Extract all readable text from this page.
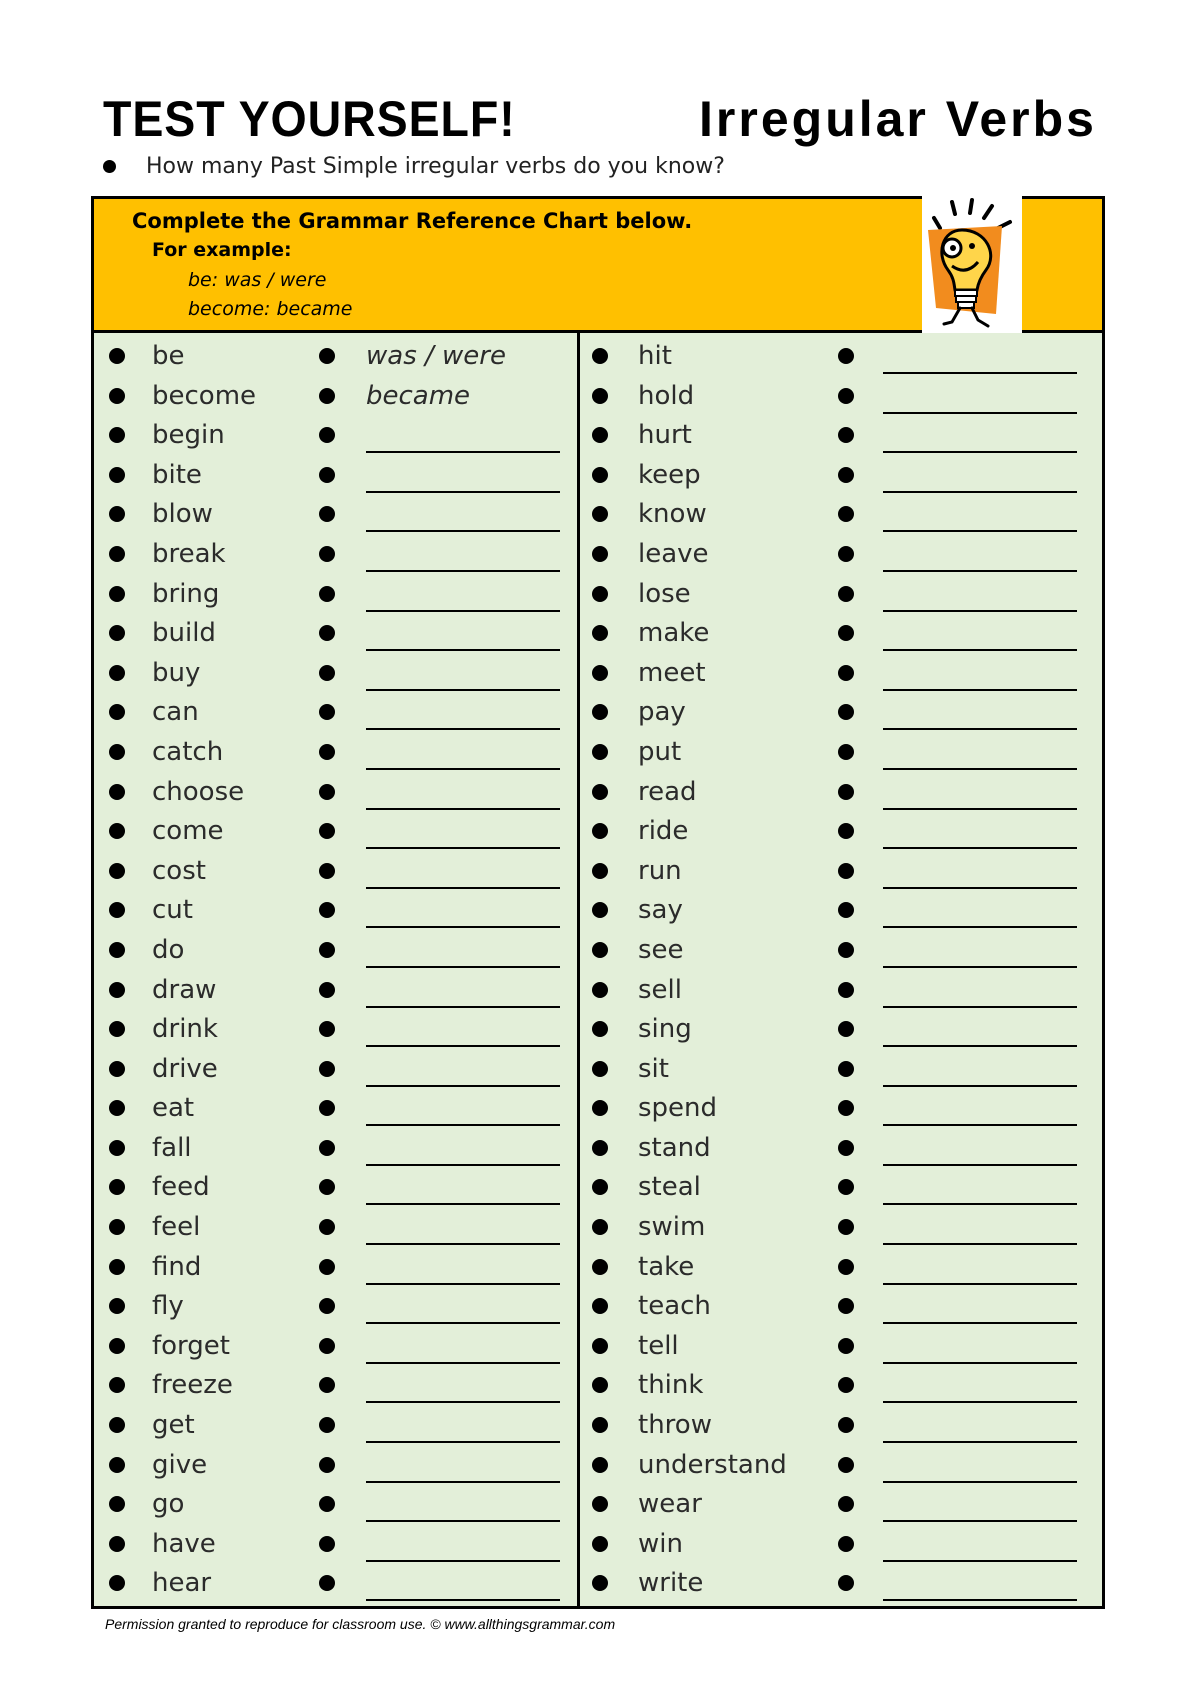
TEST YOURSELF!	Irregular Verbs
How many Past Simple irregular verbs do you know?
Complete the Grammar Reference Chart below.
For example:
be: was / were
become: became
be	was / were
become	became
begin
bite
blow
break
bring
build
buy
can
catch
choose
come
cost
cut
do
draw
drink
drive
eat
fall
feed
feel
find
fly
forget
freeze
get
give
go
have
hear
hit
hold
hurt
keep
know
leave
lose
make
meet
pay
put
read
ride
run
say
see
sell
sing
sit
spend
stand
steal
swim
take
teach
tell
think
throw
understand
wear
win
write
Permission granted to reproduce for classroom use. © www.allthingsgrammar.com
